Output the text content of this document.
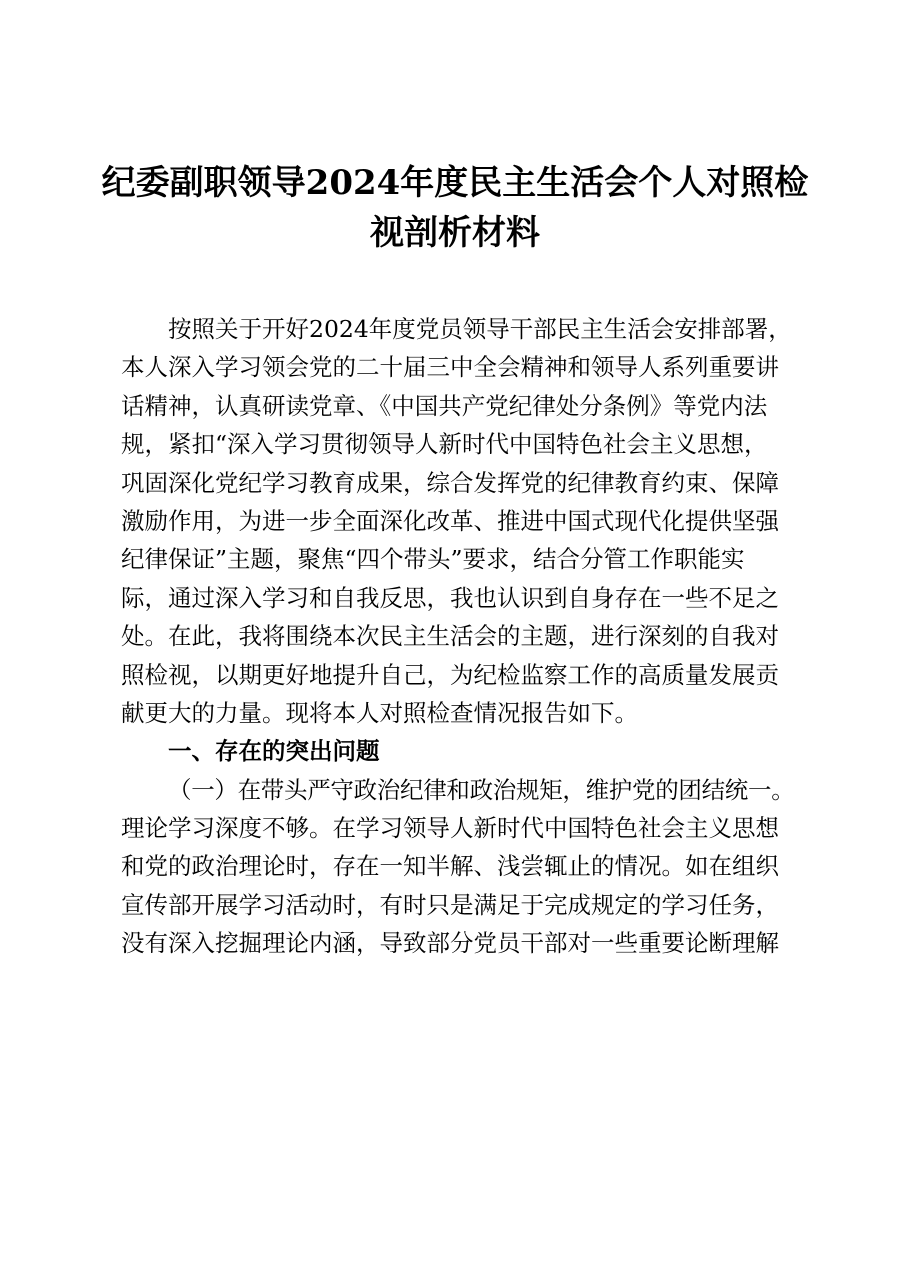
纪委副职领导2024年度民主生活会个人对照检
视剖析材料
按照关于开好2024年度党员领导干部民主生活会安排部署，
本人深入学习领会党的二十届三中全会精神和领导人系列重要讲
话精神，认真研读党章、《中国共产党纪律处分条例》等党内法
规，紧扣“深入学习贯彻领导人新时代中国特色社会主义思想，
巩固深化党纪学习教育成果，综合发挥党的纪律教育约束、保障
激励作用，为进一步全面深化改革、推进中国式现代化提供坚强
纪律保证”主题，聚焦“四个带头”要求，结合分管工作职能实
际，通过深入学习和自我反思，我也认识到自身存在一些不足之
处。在此，我将围绕本次民主生活会的主题，进行深刻的自我对
照检视，以期更好地提升自己，为纪检监察工作的高质量发展贡
献更大的力量。现将本人对照检查情况报告如下。
一、存在的突出问题
（一）在带头严守政治纪律和政治规矩，维护党的团结统一。
理论学习深度不够。在学习领导人新时代中国特色社会主义思想
和党的政治理论时，存在一知半解、浅尝辄止的情况。如在组织
宣传部开展学习活动时，有时只是满足于完成规定的学习任务，
没有深入挖掘理论内涵，导致部分党员干部对一些重要论断理解
